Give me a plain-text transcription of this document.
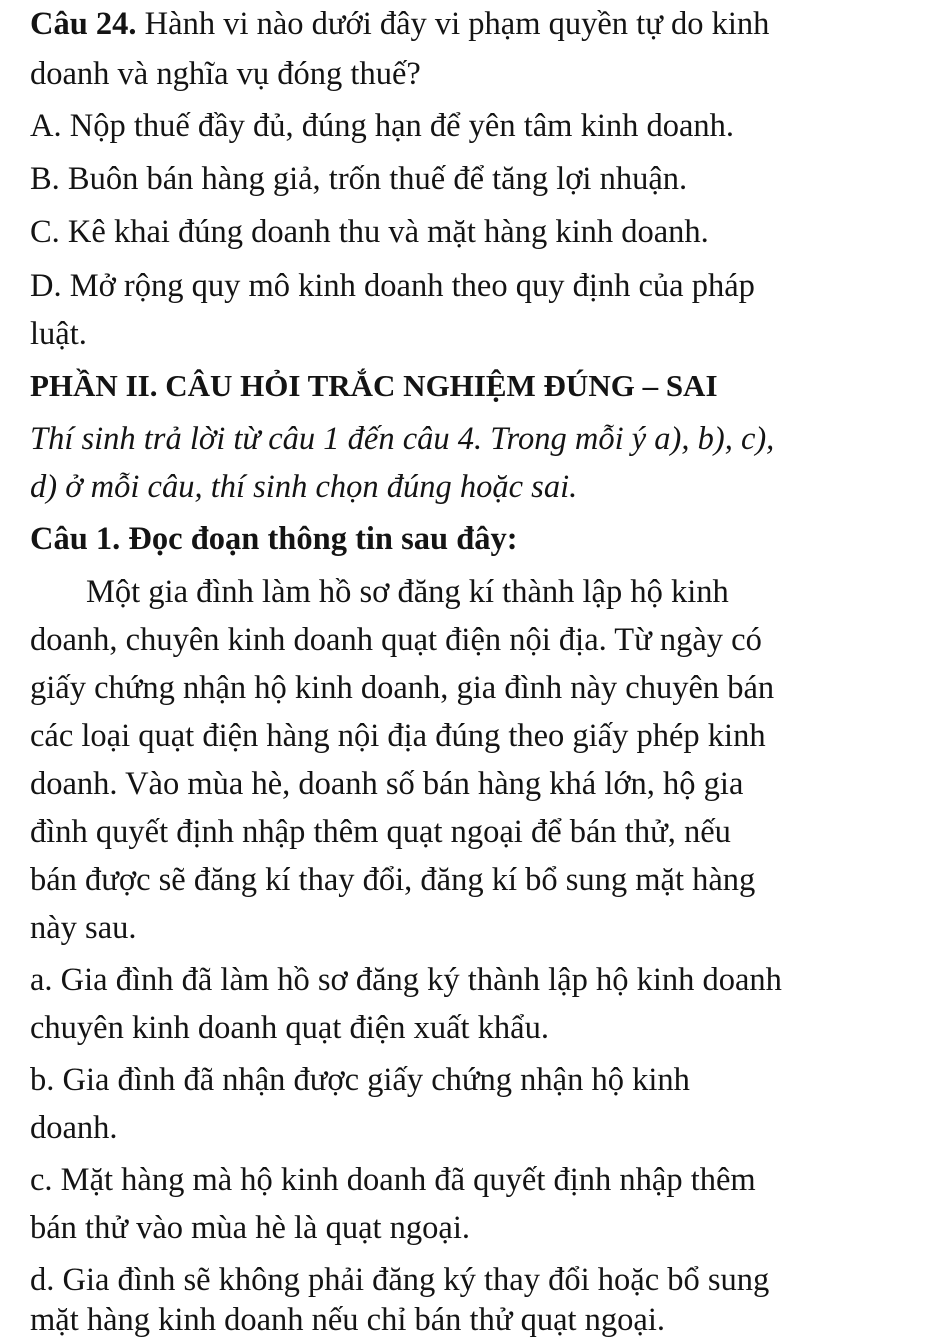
Câu 24. Hành vi nào dưới đây vi phạm quyền tự do kinh
doanh và nghĩa vụ đóng thuế?
A. Nộp thuế đầy đủ, đúng hạn để yên tâm kinh doanh.
B. Buôn bán hàng giả, trốn thuế để tăng lợi nhuận.
C. Kê khai đúng doanh thu và mặt hàng kinh doanh.
D. Mở rộng quy mô kinh doanh theo quy định của pháp
luật.
PHẦN II. CÂU HỎI TRẮC NGHIỆM ĐÚNG – SAI
Thí sinh trả lời từ câu 1 đến câu 4. Trong mỗi ý a), b), c),
d) ở mỗi câu, thí sinh chọn đúng hoặc sai.
Câu 1. Đọc đoạn thông tin sau đây:
Một gia đình làm hồ sơ đăng kí thành lập hộ kinh
doanh, chuyên kinh doanh quạt điện nội địa. Từ ngày có
giấy chứng nhận hộ kinh doanh, gia đình này chuyên bán
các loại quạt điện hàng nội địa đúng theo giấy phép kinh
doanh. Vào mùa hè, doanh số bán hàng khá lớn, hộ gia
đình quyết định nhập thêm quạt ngoại để bán thử, nếu
bán được sẽ đăng kí thay đổi, đăng kí bổ sung mặt hàng
này sau.
a. Gia đình đã làm hồ sơ đăng ký thành lập hộ kinh doanh
chuyên kinh doanh quạt điện xuất khẩu.
b. Gia đình đã nhận được giấy chứng nhận hộ kinh
doanh.
c. Mặt hàng mà hộ kinh doanh đã quyết định nhập thêm
bán thử vào mùa hè là quạt ngoại.
d. Gia đình sẽ không phải đăng ký thay đổi hoặc bổ sung
mặt hàng kinh doanh nếu chỉ bán thử quạt ngoại.
